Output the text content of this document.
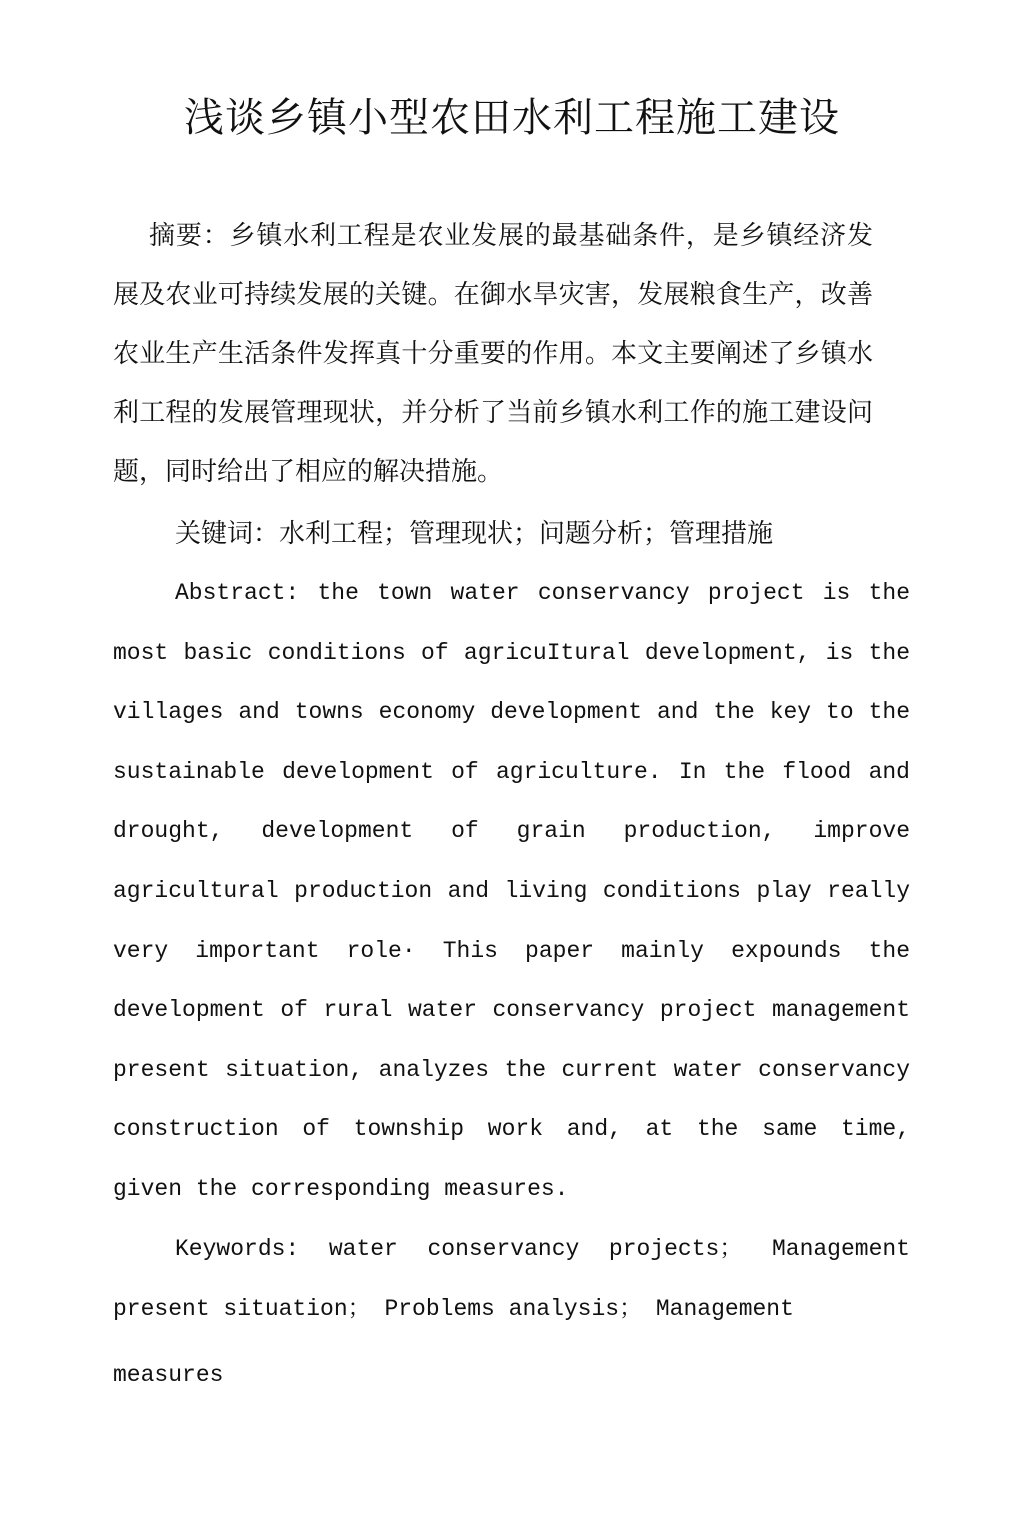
浅谈乡镇小型农田水利工程施工建设

摘要：乡镇水利工程是农业发展的最基础条件，是乡镇经济发展及农业可持续发展的关键。在御水旱灾害，发展粮食生产，改善农业生产生活条件发挥真十分重要的作用。本文主要阐述了乡镇水利工程的发展管理现状，并分析了当前乡镇水利工作的施工建设问题，同时给出了相应的解决措施。

关键词：水利工程；管理现状；问题分析；管理措施

Abstract: the town water conservancy project is the most basic conditions of agricuItural development, is the villages and towns economy development and the key to the sustainable development of agriculture. In the flood and drought, development of grain production, improve agricultural production and living conditions play really very important role· This paper mainly expounds the development of rural water conservancy project management present situation, analyzes the current water conservancy construction of township work and, at the same time, given the corresponding measures.

Keywords: water conservancy projects； Management present situation； Problems analysis； Management

measures
